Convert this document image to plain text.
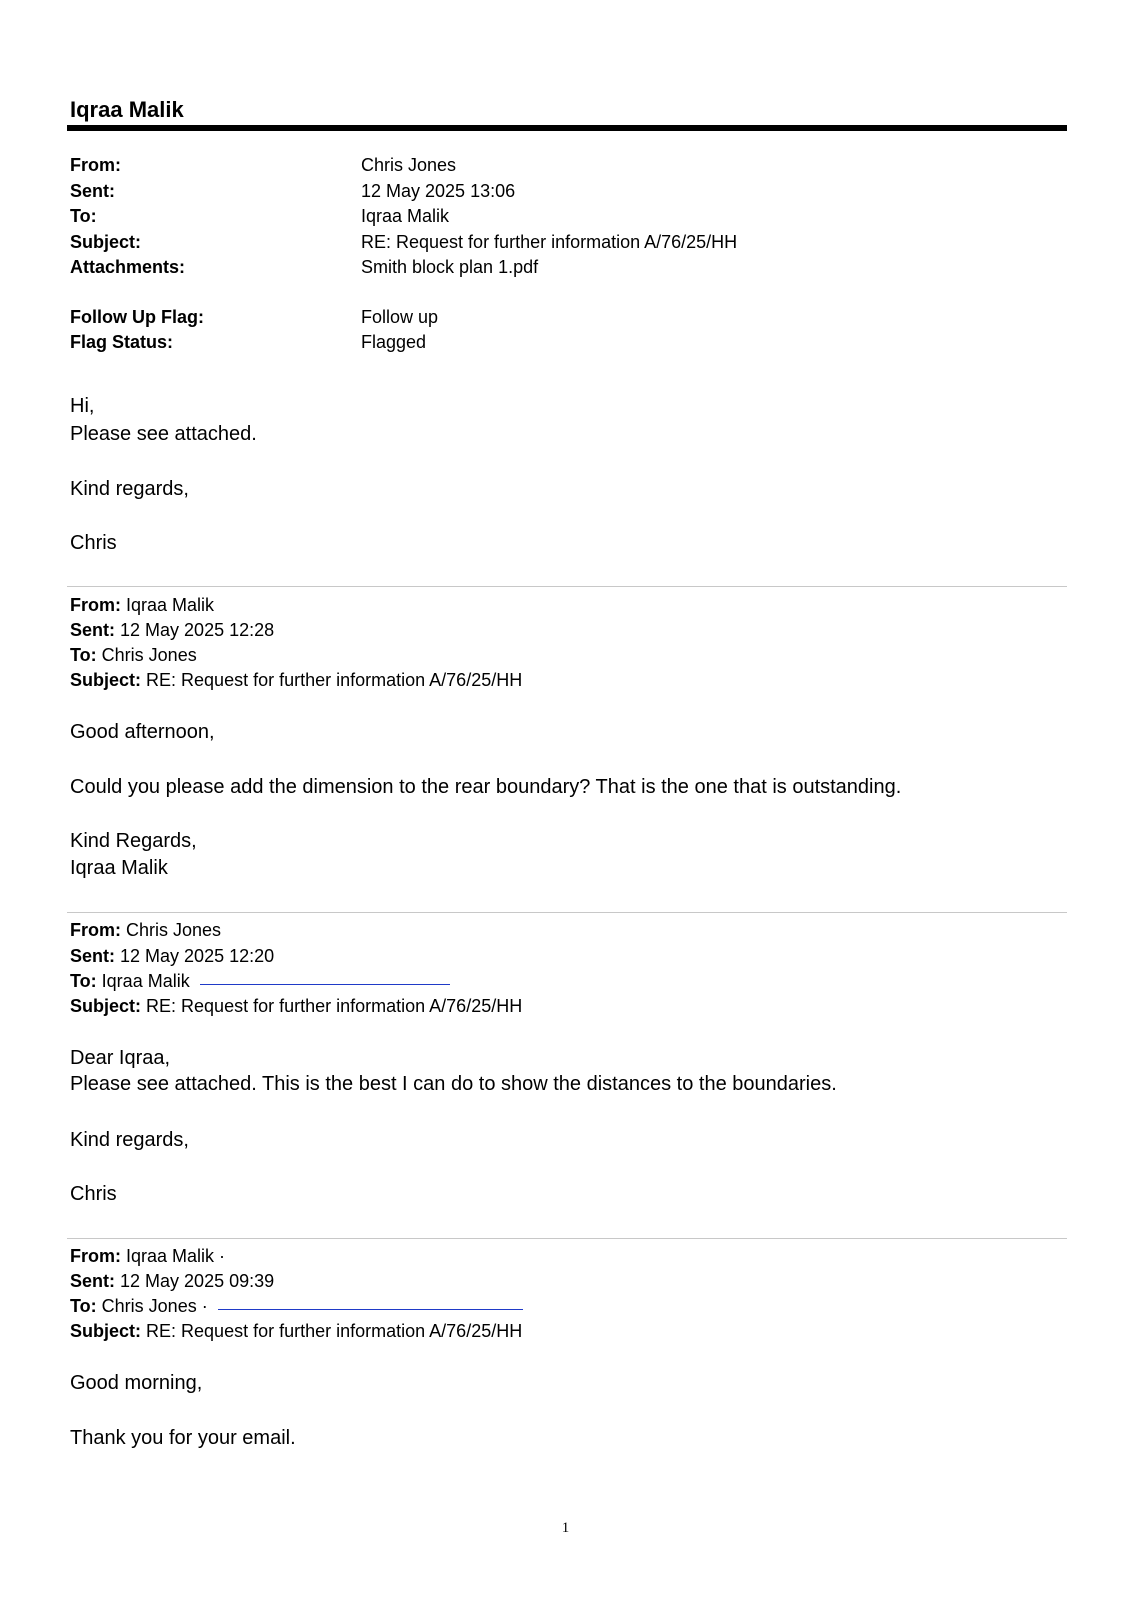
Iqraa Malik
From:	Chris Jones
Sent:	12 May 2025 13:06
To:	Iqraa Malik
Subject:	RE: Request for further information A/76/25/HH
Attachments:	Smith block plan 1.pdf
Follow Up Flag:	Follow up
Flag Status:	Flagged
Hi,
Please see attached.
Kind regards,
Chris
From: Iqraa Malik
Sent: 12 May 2025 12:28
To: Chris Jones
Subject: RE: Request for further information A/76/25/HH
Good afternoon,
Could you please add the dimension to the rear boundary? That is the one that is outstanding.
Kind Regards,
Iqraa Malik
From: Chris Jones
Sent: 12 May 2025 12:20
To: Iqraa Malik
Subject: RE: Request for further information A/76/25/HH
Dear Iqraa,
Please see attached. This is the best I can do to show the distances to the boundaries.
Kind regards,
Chris
From: Iqraa Malik ·
Sent: 12 May 2025 09:39
To: Chris Jones ·
Subject: RE: Request for further information A/76/25/HH
Good morning,
Thank you for your email.
1
